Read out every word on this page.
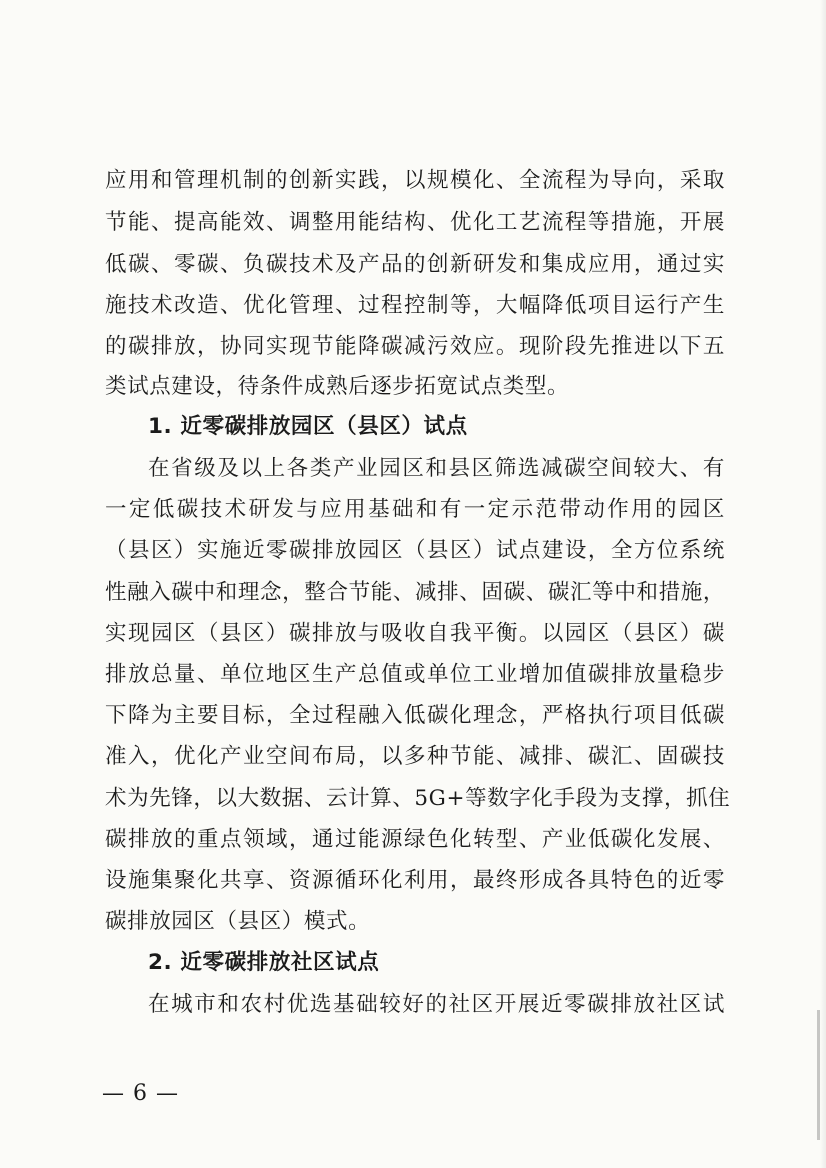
应用和管理机制的创新实践，以规模化、全流程为导向，采取
节能、提高能效、调整用能结构、优化工艺流程等措施，开展
低碳、零碳、负碳技术及产品的创新研发和集成应用，通过实
施技术改造、优化管理、过程控制等，大幅降低项目运行产生
的碳排放，协同实现节能降碳减污效应。现阶段先推进以下五
类试点建设，待条件成熟后逐步拓宽试点类型。
1. 近零碳排放园区（县区）试点
在省级及以上各类产业园区和县区筛选减碳空间较大、有
一定低碳技术研发与应用基础和有一定示范带动作用的园区
（县区）实施近零碳排放园区（县区）试点建设，全方位系统
性融入碳中和理念，整合节能、减排、固碳、碳汇等中和措施，
实现园区（县区）碳排放与吸收自我平衡。以园区（县区）碳
排放总量、单位地区生产总值或单位工业增加值碳排放量稳步
下降为主要目标，全过程融入低碳化理念，严格执行项目低碳
准入，优化产业空间布局，以多种节能、减排、碳汇、固碳技
术为先锋，以大数据、云计算、5G+等数字化手段为支撑，抓住
碳排放的重点领域，通过能源绿色化转型、产业低碳化发展、
设施集聚化共享、资源循环化利用，最终形成各具特色的近零
碳排放园区（县区）模式。
2. 近零碳排放社区试点
在城市和农村优选基础较好的社区开展近零碳排放社区试
— 6 —
